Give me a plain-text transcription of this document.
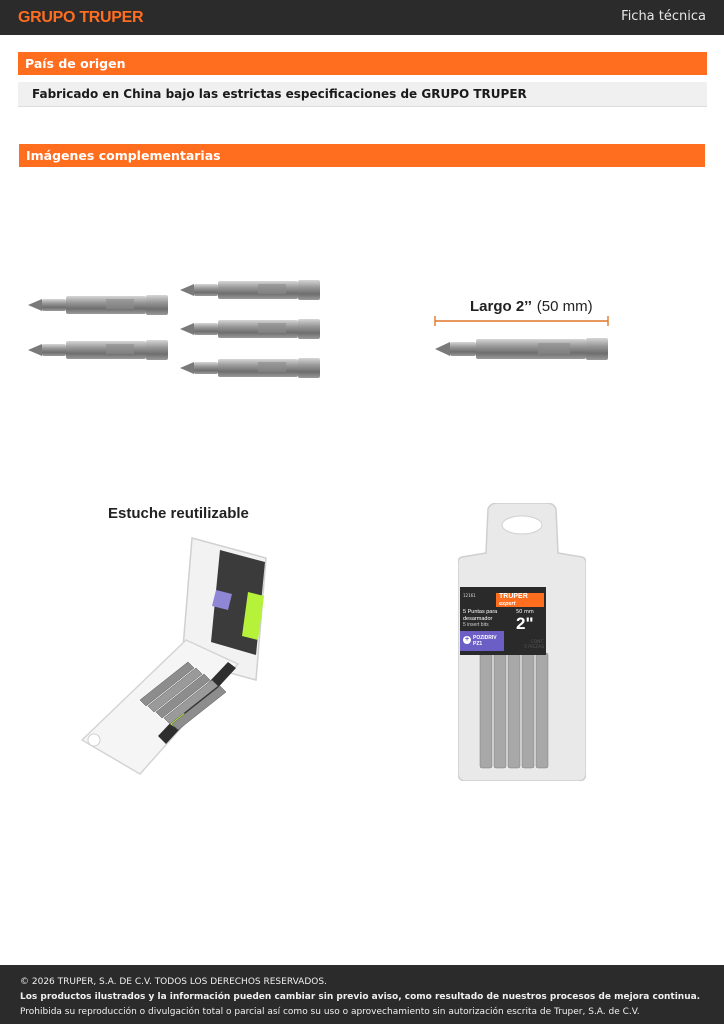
GRUPO TRUPER	Ficha técnica
País de origen
Fabricado en China bajo las estrictas especificaciones de GRUPO TRUPER
Imágenes complementarias
Largo 2’’ (50 mm)
Estuche reutilizable
TRUPER
expert
12161
5 Puntas para desarmador
5 insert bits
50 mm
2"
+ POZIDRIV PZ1	CONT.
5 PIEZAS

© 2026 TRUPER, S.A. DE C.V. TODOS LOS DERECHOS RESERVADOS.

Los productos ilustrados y la información pueden cambiar sin previo aviso, como resultado de nuestros procesos de mejora continua.

Prohibida su reproducción o divulgación total o parcial así como su uso o aprovechamiento sin autorización escrita de Truper, S.A. de C.V.
